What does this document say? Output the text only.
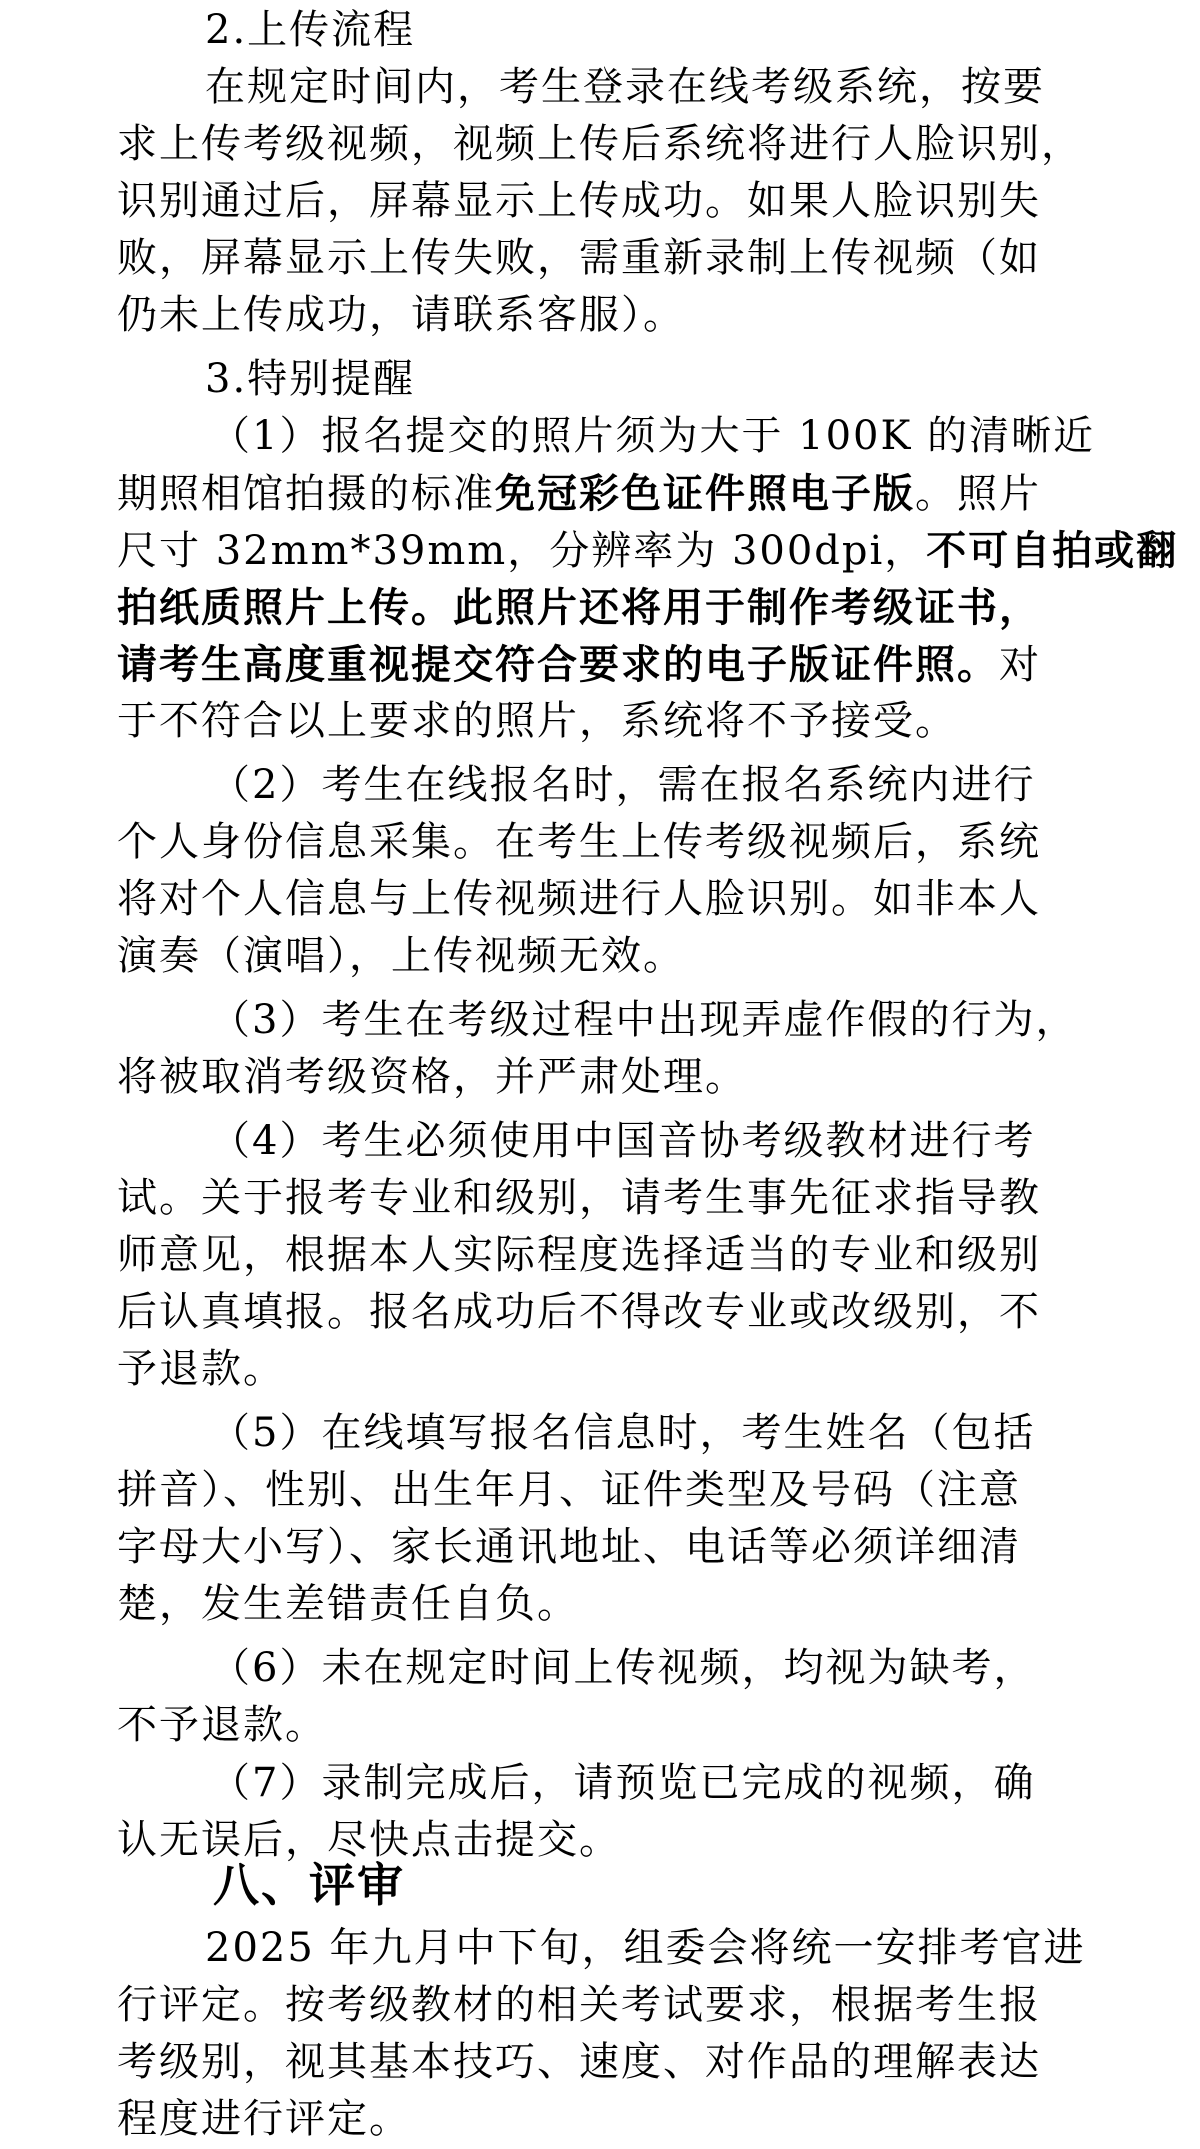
2.上传流程
在规定时间内，考生登录在线考级系统，按要
求上传考级视频，视频上传后系统将进行人脸识别，
识别通过后，屏幕显示上传成功。如果人脸识别失
败，屏幕显示上传失败，需重新录制上传视频（如
仍未上传成功，请联系客服）。
3.特别提醒
（1）报名提交的照片须为大于 100K 的清晰近
期照相馆拍摄的标准免冠彩色证件照电子版。照片
尺寸 32mm*39mm，分辨率为 300dpi，不可自拍或翻
拍纸质照片上传。此照片还将用于制作考级证书，
请考生高度重视提交符合要求的电子版证件照。对
于不符合以上要求的照片，系统将不予接受。
（2）考生在线报名时，需在报名系统内进行
个人身份信息采集。在考生上传考级视频后，系统
将对个人信息与上传视频进行人脸识别。如非本人
演奏（演唱），上传视频无效。
（3）考生在考级过程中出现弄虚作假的行为，
将被取消考级资格，并严肃处理。
（4）考生必须使用中国音协考级教材进行考
试。关于报考专业和级别，请考生事先征求指导教
师意见，根据本人实际程度选择适当的专业和级别
后认真填报。报名成功后不得改专业或改级别，不
予退款。
（5）在线填写报名信息时，考生姓名（包括
拼音）、性别、出生年月、证件类型及号码（注意
字母大小写）、家长通讯地址、电话等必须详细清
楚，发生差错责任自负。
（6）未在规定时间上传视频，均视为缺考，
不予退款。
（7）录制完成后，请预览已完成的视频，确
认无误后，尽快点击提交。
八、评审
2025 年九月中下旬，组委会将统一安排考官进
行评定。按考级教材的相关考试要求，根据考生报
考级别，视其基本技巧、速度、对作品的理解表达
程度进行评定。
